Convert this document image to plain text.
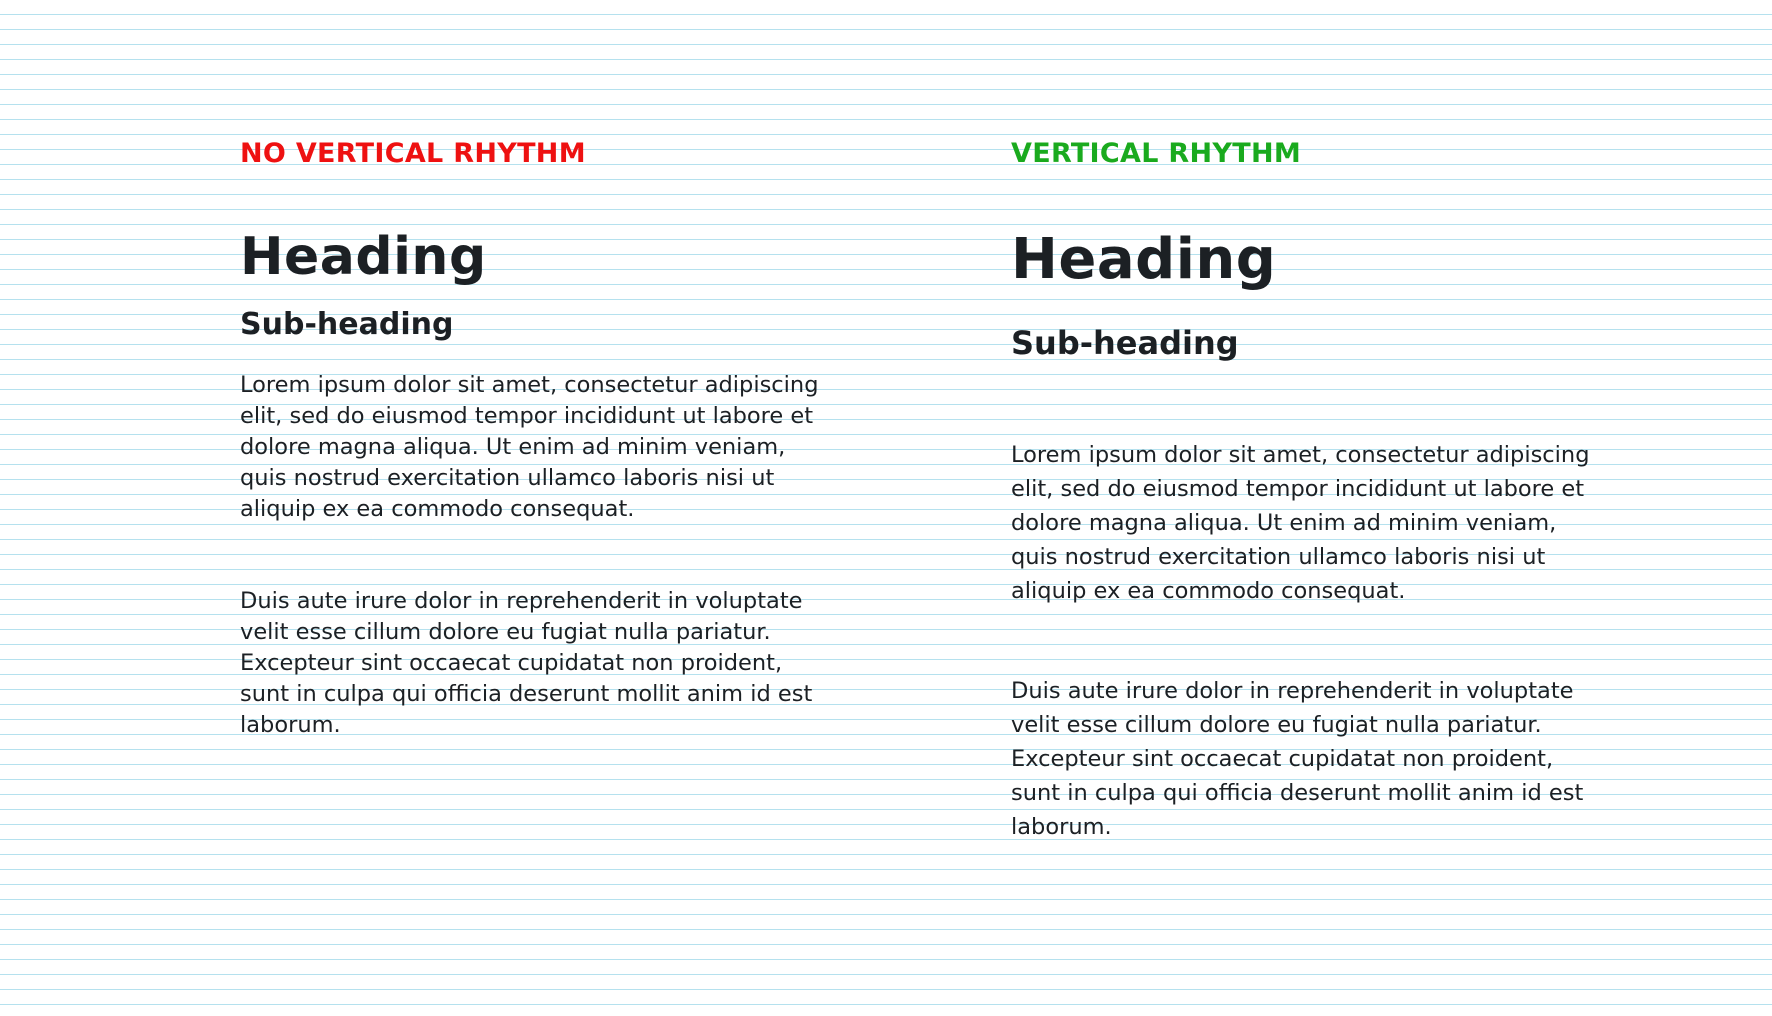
NO VERTICAL RHYTHM
Heading
Sub-heading

Lorem ipsum dolor sit amet, consectetur adipiscing elit, sed do eiusmod tempor incididunt ut labore et dolore magna aliqua. Ut enim ad minim veniam, quis nostrud exercitation ullamco laboris nisi ut aliquip ex ea commodo consequat.

Duis aute irure dolor in reprehenderit in voluptate velit esse cillum dolore eu fugiat nulla pariatur. Excepteur sint occaecat cupidatat non proident, sunt in culpa qui officia deserunt mollit anim id est laborum.

VERTICAL RHYTHM
Heading
Sub-heading

Lorem ipsum dolor sit amet, consectetur adipiscing elit, sed do eiusmod tempor incididunt ut labore et dolore magna aliqua. Ut enim ad minim veniam, quis nostrud exercitation ullamco laboris nisi ut aliquip ex ea commodo consequat.

Duis aute irure dolor in reprehenderit in voluptate velit esse cillum dolore eu fugiat nulla pariatur. Excepteur sint occaecat cupidatat non proident, sunt in culpa qui officia deserunt mollit anim id est laborum.
